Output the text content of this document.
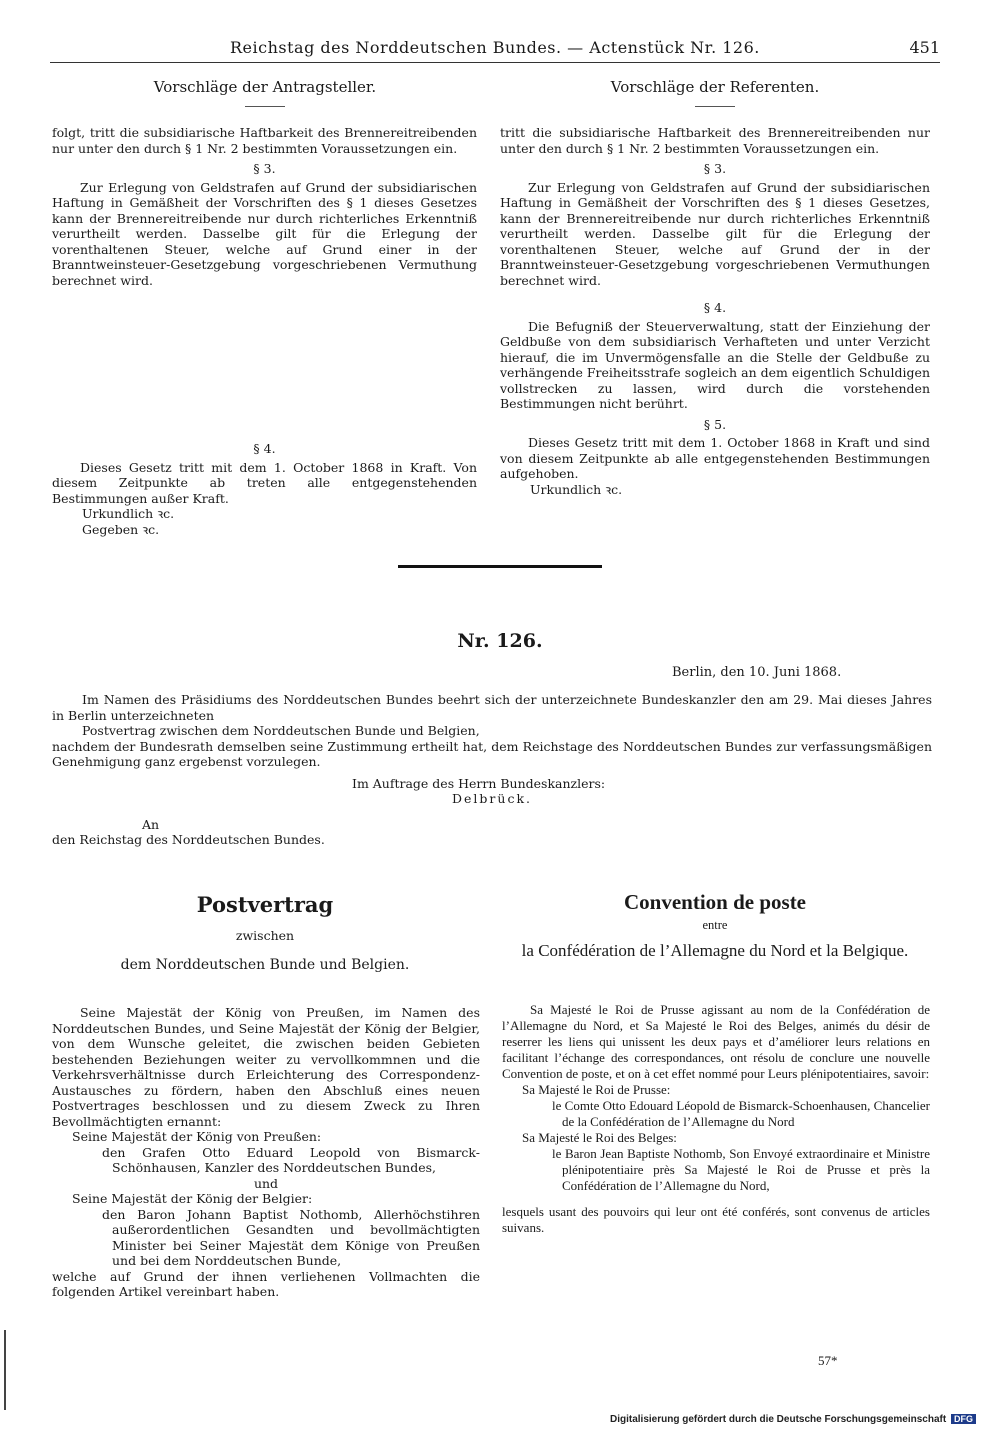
Reichstag des Norddeutschen Bundes. — Actenstück Nr. 126.	451
Vorschläge der Antragsteller.	Vorschläge der Referenten.

folgt, tritt die subsidiarische Haftbarkeit des Brennereitreibenden nur unter den durch § 1 Nr. 2 bestimmten Voraussetzungen ein.

§ 3.

Zur Erlegung von Geldstrafen auf Grund der subsidiarischen Haftung in Gemäßheit der Vorschriften des § 1 dieses Gesetzes kann der Brennereitreibende nur durch richterliches Erkenntniß verurtheilt werden. Dasselbe gilt für die Erlegung der vorenthaltenen Steuer, welche auf Grund einer in der Branntweinsteuer-Gesetzgebung vorgeschriebenen Vermuthung berechnet wird.

§ 4.

Dieses Gesetz tritt mit dem 1. October 1868 in Kraft. Von diesem Zeitpunkte ab treten alle entgegenstehenden Bestimmungen außer Kraft.

Urkundlich ꝛc.

Gegeben ꝛc.

tritt die subsidiarische Haftbarkeit des Brennereitreibenden nur unter den durch § 1 Nr. 2 bestimmten Voraussetzungen ein.

§ 3.

Zur Erlegung von Geldstrafen auf Grund der subsidiarischen Haftung in Gemäßheit der Vorschriften des § 1 dieses Gesetzes, kann der Brennereitreibende nur durch richterliches Erkenntniß verurtheilt werden. Dasselbe gilt für die Erlegung der vorenthaltenen Steuer, welche auf Grund der in der Branntweinsteuer-Gesetzgebung vorgeschriebenen Vermuthungen berechnet wird.

§ 4.

Die Befugniß der Steuerverwaltung, statt der Einziehung der Geldbuße von dem subsidiarisch Verhafteten und unter Verzicht hierauf, die im Unvermögensfalle an die Stelle der Geldbuße zu verhängende Freiheitsstrafe sogleich an dem eigentlich Schuldigen vollstrecken zu lassen, wird durch die vorstehenden Bestimmungen nicht berührt.

§ 5.

Dieses Gesetz tritt mit dem 1. October 1868 in Kraft und sind von diesem Zeitpunkte ab alle entgegenstehenden Bestimmungen aufgehoben.

Urkundlich ꝛc.

Nr. 126.
Berlin, den 10. Juni 1868.

Im Namen des Präsidiums des Norddeutschen Bundes beehrt sich der unterzeichnete Bundeskanzler den am 29. Mai dieses Jahres in Berlin unterzeichneten

Postvertrag zwischen dem Norddeutschen Bunde und Belgien,

nachdem der Bundesrath demselben seine Zustimmung ertheilt hat, dem Reichstage des Norddeutschen Bundes zur verfassungsmäßigen Genehmigung ganz ergebenst vorzulegen.

Im Auftrage des Herrn Bundeskanzlers:

Delbrück.

An

den Reichstag des Norddeutschen Bundes.

Postvertrag
zwischen
dem Norddeutschen Bunde und Belgien.

Seine Majestät der König von Preußen, im Namen des Norddeutschen Bundes, und Seine Majestät der König der Belgier, von dem Wunsche geleitet, die zwischen beiden Gebieten bestehenden Beziehungen weiter zu vervollkommnen und die Verkehrsverhältnisse durch Erleichterung des Correspondenz-Austausches zu fördern, haben den Abschluß eines neuen Postvertrages beschlossen und zu diesem Zweck zu Ihren Bevollmächtigten ernannt:

Seine Majestät der König von Preußen:

den Grafen Otto Eduard Leopold von Bismarck-Schönhausen, Kanzler des Norddeutschen Bundes,

und

Seine Majestät der König der Belgier:

den Baron Johann Baptist Nothomb, Allerhöchstihren außerordentlichen Gesandten und bevollmächtigten Minister bei Seiner Majestät dem Könige von Preußen und bei dem Norddeutschen Bunde,

welche auf Grund der ihnen verliehenen Vollmachten die folgenden Artikel vereinbart haben.

Convention de poste
entre
la Confédération de l’Allemagne du Nord et la Belgique.

Sa Majesté le Roi de Prusse agissant au nom de la Confédération de l’Allemagne du Nord, et Sa Majesté le Roi des Belges, animés du désir de reserrer les liens qui unissent les deux pays et d’améliorer leurs relations en facilitant l’échange des correspondances, ont résolu de conclure une nouvelle Convention de poste, et on à cet effet nommé pour Leurs plénipotentiaires, savoir:

Sa Majesté le Roi de Prusse:

le Comte Otto Edouard Léopold de Bismarck-Schoenhausen, Chancelier de la Confédération de l’Allemagne du Nord

Sa Majesté le Roi des Belges:

le Baron Jean Baptiste Nothomb, Son Envoyé extraordinaire et Ministre plénipotentiaire près Sa Majesté le Roi de Prusse et près la Confédération de l’Allemagne du Nord,

lesquels usant des pouvoirs qui leur ont été conférés, sont convenus de articles suivans.

57*
Digitalisierung gefördert durch die Deutsche Forschungsgemeinschaft DFG
